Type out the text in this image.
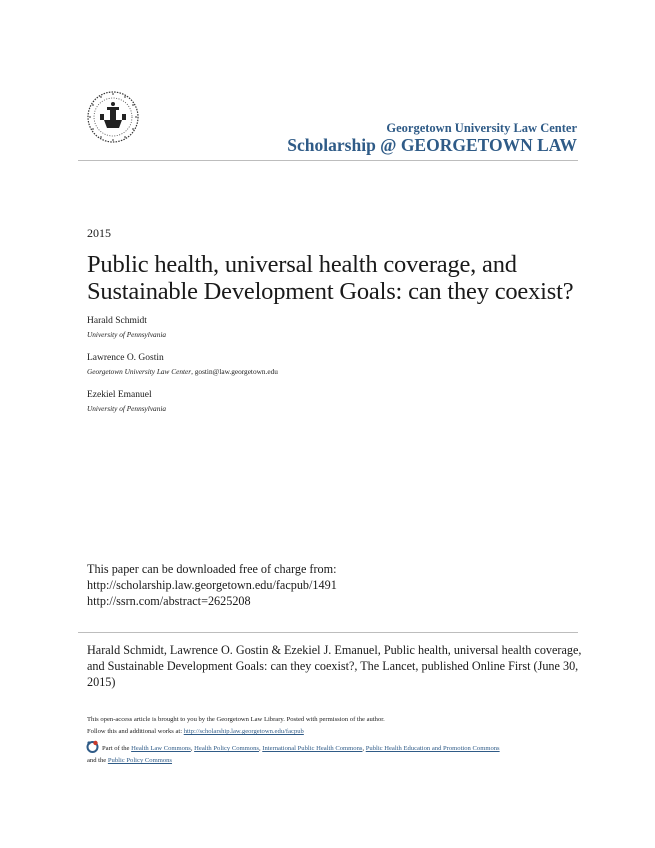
Georgetown University Law Center
Scholarship @ GEORGETOWN LAW
2015
Public health, universal health coverage, and Sustainable Development Goals: can they coexist?
Harald Schmidt
University of Pennsylvania
Lawrence O. Gostin
Georgetown University Law Center, gostin@law.georgetown.edu
Ezekiel Emanuel
University of Pennsylvania
This paper can be downloaded free of charge from:
http://scholarship.law.georgetown.edu/facpub/1491
http://ssrn.com/abstract=2625208
Harald Schmidt, Lawrence O. Gostin & Ezekiel J. Emanuel, Public health, universal health coverage, and Sustainable Development Goals: can they coexist?, The Lancet, published Online First (June 30, 2015)
This open-access article is brought to you by the Georgetown Law Library. Posted with permission of the author.
Follow this and additional works at: http://scholarship.law.georgetown.edu/facpub
Part of the Health Law Commons, Health Policy Commons, International Public Health Commons, Public Health Education and Promotion Commons
and the Public Policy Commons
